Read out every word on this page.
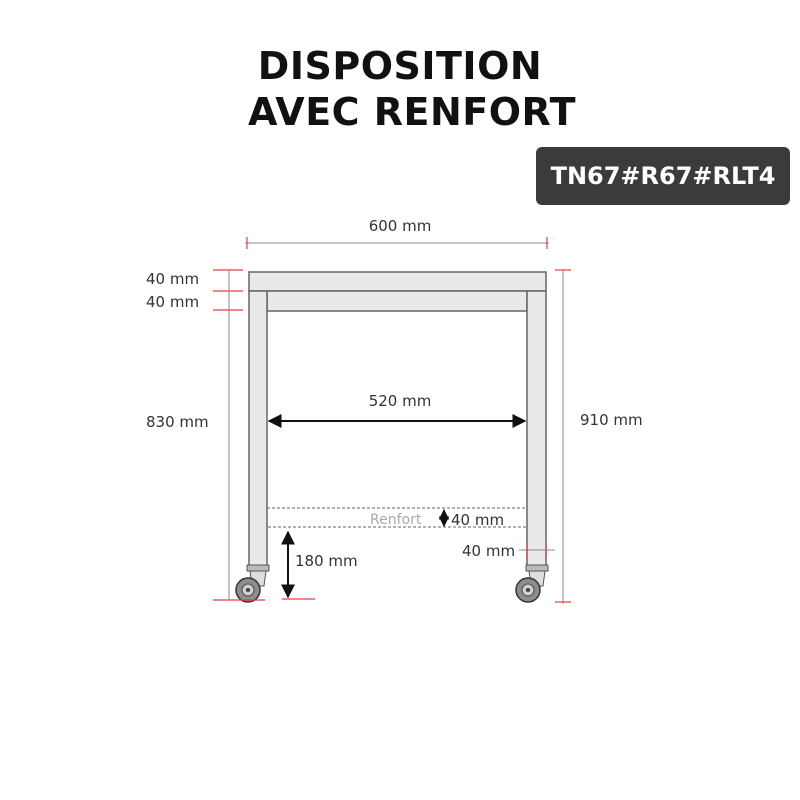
DISPOSITION
AVEC RENFORT
TN67#R67#RLT4
600 mm
40 mm
40 mm
830 mm	910 mm
520 mm
Renfort 40 mm
40 mm
180 mm
